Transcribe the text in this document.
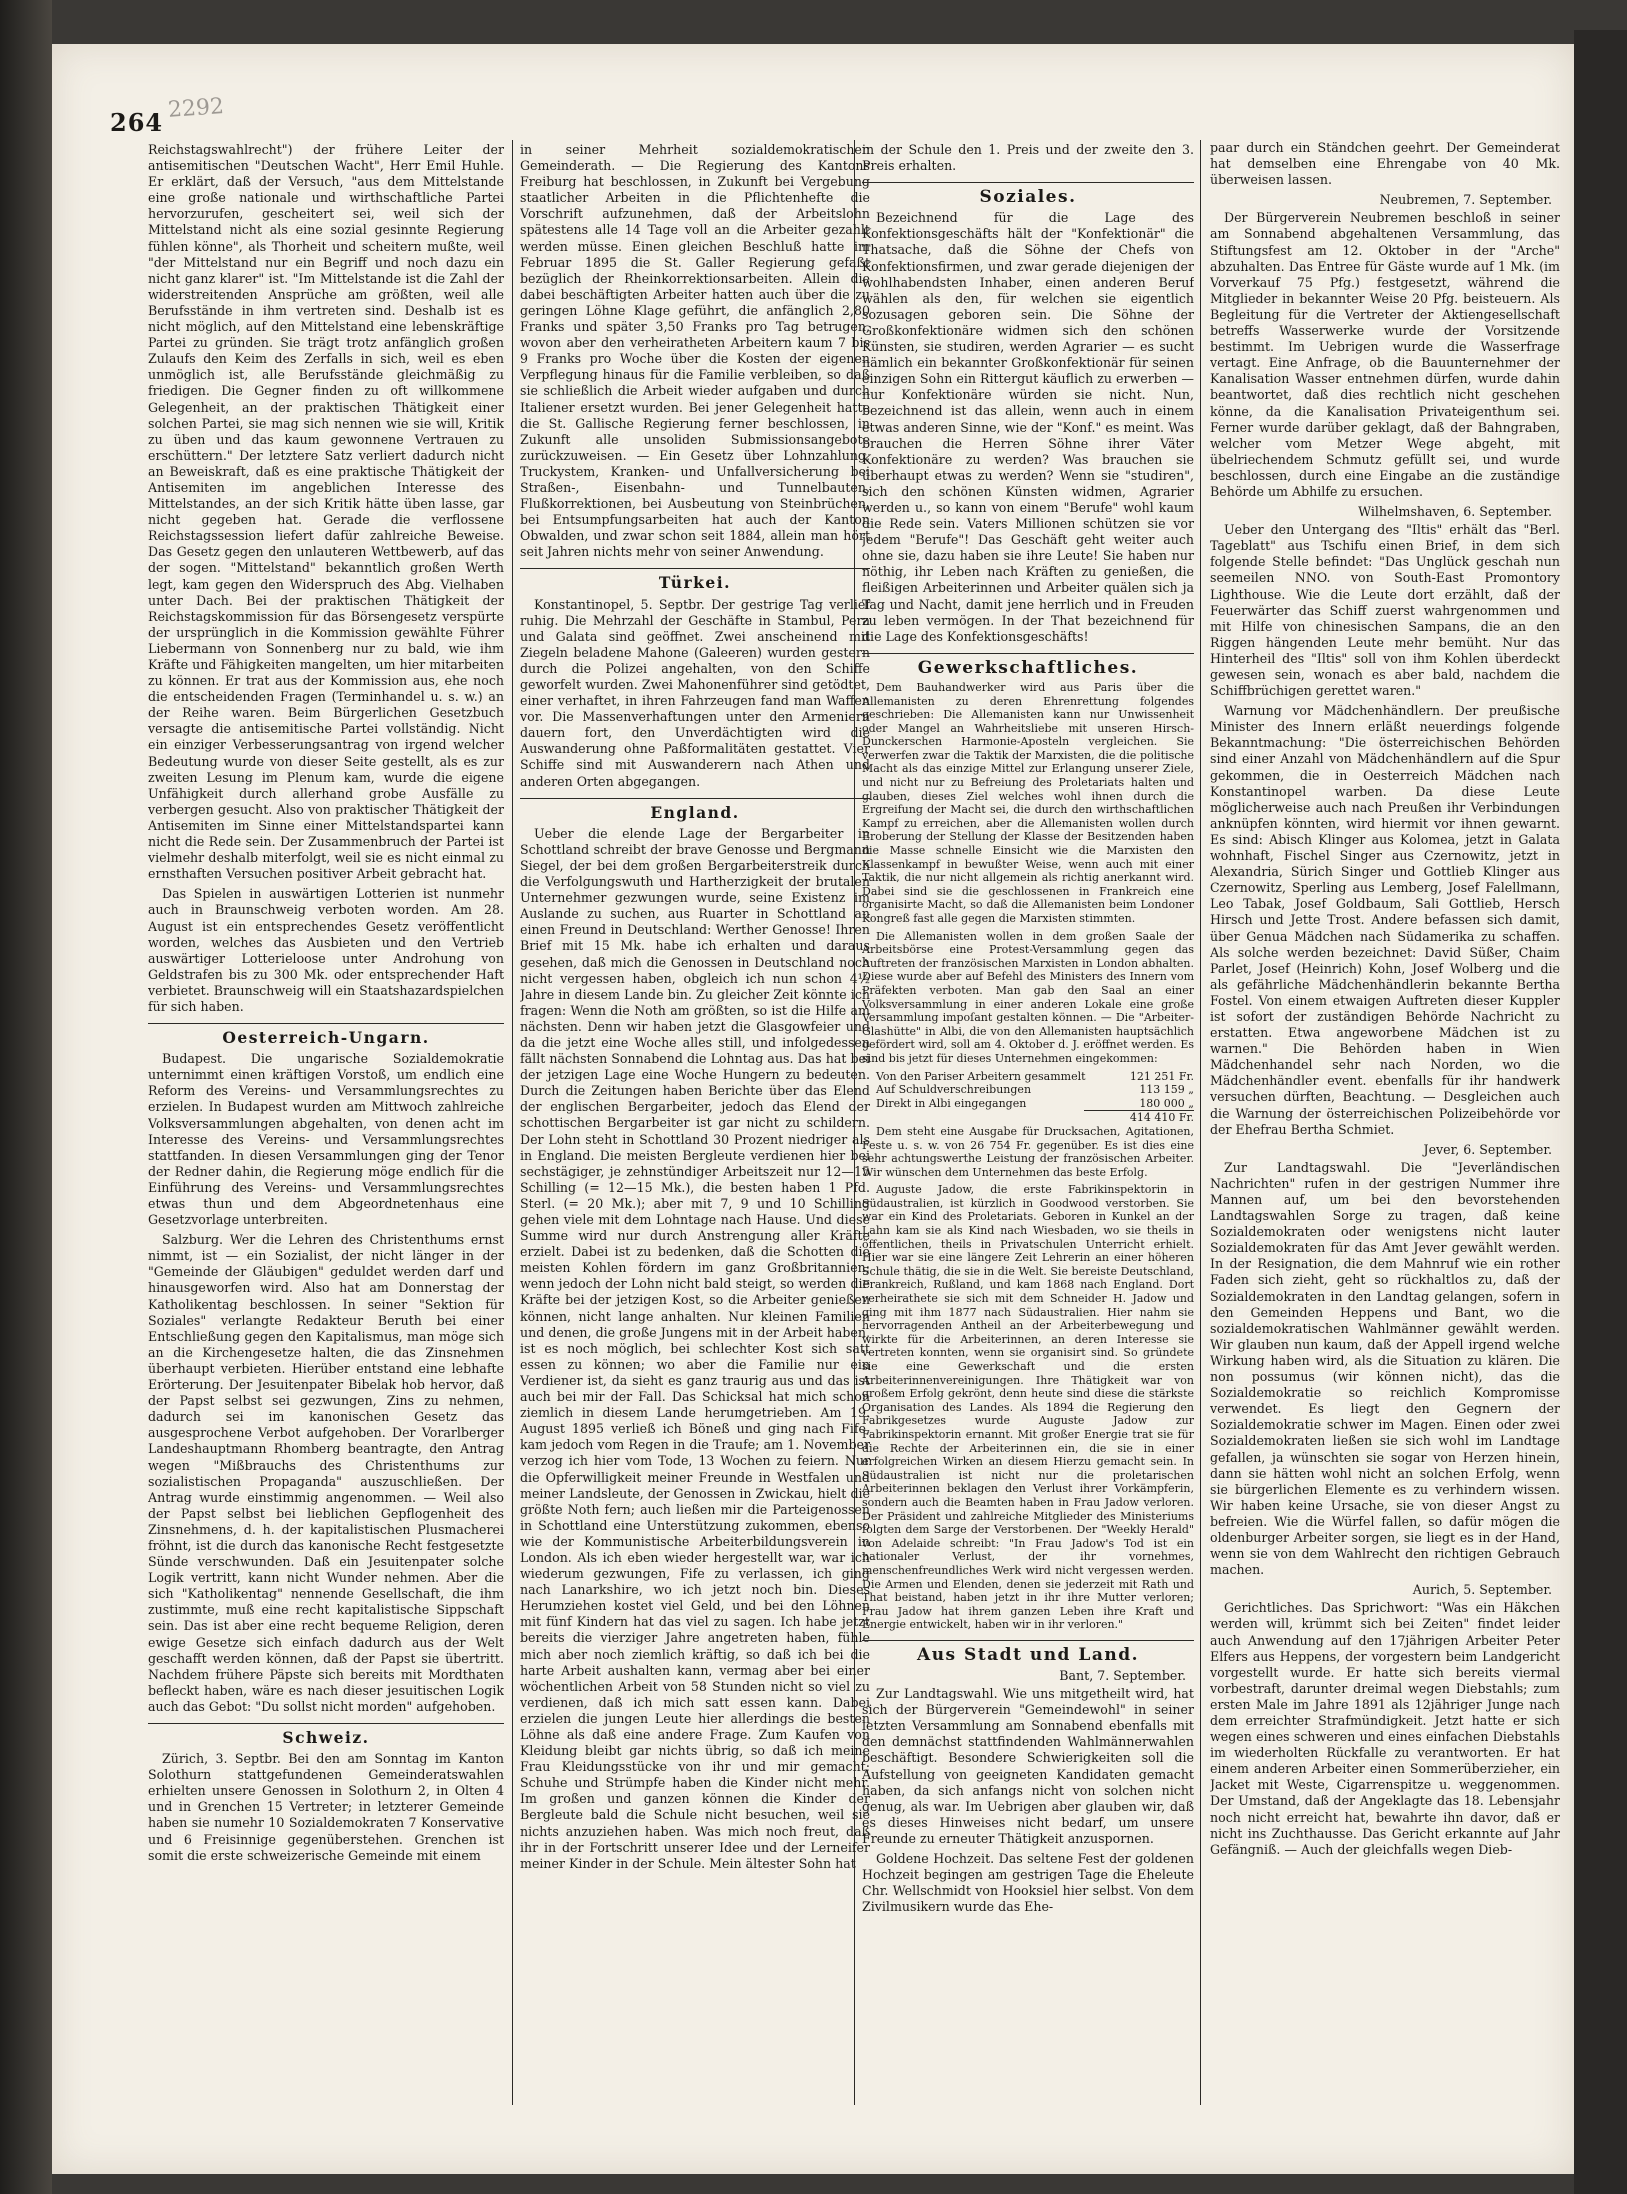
264 2292

Reichstagswahlrecht") der frühere Leiter der antisemitischen "Deutschen Wacht", Herr Emil Huhle. Er erklärt, daß der Versuch, "aus dem Mittelstande eine große nationale und wirthschaftliche Partei hervorzurufen, gescheitert sei, weil sich der Mittelstand nicht als eine sozial gesinnte Regierung fühlen könne", als Thorheit und scheitern mußte, weil "der Mittelstand nur ein Begriff und noch dazu ein nicht ganz klarer" ist. "Im Mittelstande ist die Zahl der widerstreitenden Ansprüche am größten, weil alle Berufsstände in ihm vertreten sind. Deshalb ist es nicht möglich, auf den Mittelstand eine lebenskräftige Partei zu gründen. Sie trägt trotz anfänglich großen Zulaufs den Keim des Zerfalls in sich, weil es eben unmöglich ist, alle Berufsstände gleichmäßig zu friedigen. Die Gegner finden zu oft willkommene Gelegenheit, an der praktischen Thätigkeit einer solchen Partei, sie mag sich nennen wie sie will, Kritik zu üben und das kaum gewonnene Vertrauen zu erschüttern." Der letztere Satz verliert dadurch nicht an Beweiskraft, daß es eine praktische Thätigkeit der Antisemiten im angeblichen Interesse des Mittelstandes, an der sich Kritik hätte üben lasse, gar nicht gegeben hat. Gerade die verflossene Reichstagssession liefert dafür zahlreiche Beweise. Das Gesetz gegen den unlauteren Wettbewerb, auf das der sogen. "Mittelstand" bekanntlich großen Werth legt, kam gegen den Widerspruch des Abg. Vielhaben unter Dach. Bei der praktischen Thätigkeit der Reichstagskommission für das Börsengesetz verspürte der ursprünglich in die Kommission gewählte Führer Liebermann von Sonnenberg nur zu bald, wie ihm Kräfte und Fähigkeiten mangelten, um hier mitarbeiten zu können. Er trat aus der Kommission aus, ehe noch die entscheidenden Fragen (Terminhandel u. s. w.) an der Reihe waren. Beim Bürgerlichen Gesetzbuch versagte die antisemitische Partei vollständig. Nicht ein einziger Verbesserungsantrag von irgend welcher Bedeutung wurde von dieser Seite gestellt, als es zur zweiten Lesung im Plenum kam, wurde die eigene Unfähigkeit durch allerhand grobe Ausfälle zu verbergen gesucht. Also von praktischer Thätigkeit der Antisemiten im Sinne einer Mittelstandspartei kann nicht die Rede sein. Der Zusammenbruch der Partei ist vielmehr deshalb miterfolgt, weil sie es nicht einmal zu ernsthaften Versuchen positiver Arbeit gebracht hat.

Das Spielen in auswärtigen Lotterien ist nunmehr auch in Braunschweig verboten worden. Am 28. August ist ein entsprechendes Gesetz veröffentlicht worden, welches das Ausbieten und den Vertrieb auswärtiger Lotterieloose unter Androhung von Geldstrafen bis zu 300 Mk. oder entsprechender Haft verbietet. Braunschweig will ein Staatshazardspielchen für sich haben.

Oesterreich-Ungarn.

Budapest. Die ungarische Sozialdemokratie unternimmt einen kräftigen Vorstoß, um endlich eine Reform des Vereins- und Versammlungsrechtes zu erzielen. In Budapest wurden am Mittwoch zahlreiche Volksversammlungen abgehalten, von denen acht im Interesse des Vereins- und Versammlungsrechtes stattfanden. In diesen Versammlungen ging der Tenor der Redner dahin, die Regierung möge endlich für die Einführung des Vereins- und Versammlungsrechtes etwas thun und dem Abgeordnetenhaus eine Gesetzvorlage unterbreiten.

Salzburg. Wer die Lehren des Christenthums ernst nimmt, ist — ein Sozialist, der nicht länger in der "Gemeinde der Gläubigen" geduldet werden darf und hinausgeworfen wird. Also hat am Donnerstag der Katholikentag beschlossen. In seiner "Sektion für Soziales" verlangte Redakteur Beruth bei einer Entschließung gegen den Kapitalismus, man möge sich an die Kirchengesetze halten, die das Zinsnehmen überhaupt verbieten. Hierüber entstand eine lebhafte Erörterung. Der Jesuitenpater Bibelak hob hervor, daß der Papst selbst sei gezwungen, Zins zu nehmen, dadurch sei im kanonischen Gesetz das ausgesprochene Verbot aufgehoben. Der Vorarlberger Landeshauptmann Rhomberg beantragte, den Antrag wegen "Mißbrauchs des Christenthums zur sozialistischen Propaganda" auszuschließen. Der Antrag wurde einstimmig angenommen. — Weil also der Papst selbst bei lieblichen Gepflogenheit des Zinsnehmens, d. h. der kapitalistischen Plusmacherei fröhnt, ist die durch das kanonische Recht festgesetzte Sünde verschwunden. Daß ein Jesuitenpater solche Logik vertritt, kann nicht Wunder nehmen. Aber die sich "Katholikentag" nennende Gesellschaft, die ihm zustimmte, muß eine recht kapitalistische Sippschaft sein. Das ist aber eine recht bequeme Religion, deren ewige Gesetze sich einfach dadurch aus der Welt geschafft werden können, daß der Papst sie übertritt. Nachdem frühere Päpste sich bereits mit Mordthaten befleckt haben, wäre es nach dieser jesuitischen Logik auch das Gebot: "Du sollst nicht morden" aufgehoben.

Schweiz.

Zürich, 3. Septbr. Bei den am Sonntag im Kanton Solothurn stattgefundenen Gemeinderatswahlen erhielten unsere Genossen in Solothurn 2, in Olten 4 und in Grenchen 15 Vertreter; in letzterer Gemeinde haben sie numehr 10 Sozialdemokraten 7 Konservative und 6 Freisinnige gegenüberstehen. Grenchen ist somit die erste schweizerische Gemeinde mit einem

in seiner Mehrheit sozialdemokratischen Gemeinderath. — Die Regierung des Kantons Freiburg hat beschlossen, in Zukunft bei Vergebung staatlicher Arbeiten in die Pflichtenhefte die Vorschrift aufzunehmen, daß der Arbeitslohn spätestens alle 14 Tage voll an die Arbeiter gezahlt werden müsse. Einen gleichen Beschluß hatte im Februar 1895 die St. Galler Regierung gefaßt bezüglich der Rheinkorrektionsarbeiten. Allein die dabei beschäftigten Arbeiter hatten auch über die zu geringen Löhne Klage geführt, die anfänglich 2,80 Franks und später 3,50 Franks pro Tag betrugen, wovon aber den verheiratheten Arbeitern kaum 7 bis 9 Franks pro Woche über die Kosten der eigenen Verpflegung hinaus für die Familie verbleiben, so daß sie schließlich die Arbeit wieder aufgaben und durch Italiener ersetzt wurden. Bei jener Gelegenheit hatte die St. Gallische Regierung ferner beschlossen, in Zukunft alle unsoliden Submissionsangebote zurückzuweisen. — Ein Gesetz über Lohnzahlung, Truckystem, Kranken- und Unfallversicherung bei Straßen-, Eisenbahn- und Tunnelbauten, Flußkorrektionen, bei Ausbeutung von Steinbrüchen, bei Entsumpfungsarbeiten hat auch der Kanton Obwalden, und zwar schon seit 1884, allein man hört seit Jahren nichts mehr von seiner Anwendung.

Türkei.

Konstantinopel, 5. Septbr. Der gestrige Tag verlief ruhig. Die Mehrzahl der Geschäfte in Stambul, Pera und Galata sind geöffnet. Zwei anscheinend mit Ziegeln beladene Mahone (Galeeren) wurden gestern durch die Polizei angehalten, von den Schiffe geworfelt wurden. Zwei Mahonenführer sind getödtet, einer verhaftet, in ihren Fahrzeugen fand man Waffen vor. Die Massenverhaftungen unter den Armeniern dauern fort, den Unverdächtigten wird die Auswanderung ohne Paßformalitäten gestattet. Vier Schiffe sind mit Auswanderern nach Athen und anderen Orten abgegangen.

England.

Ueber die elende Lage der Bergarbeiter in Schottland schreibt der brave Genosse und Bergmann Siegel, der bei dem großen Bergarbeiterstreik durch die Verfolgungswuth und Hartherzigkeit der brutalen Unternehmer gezwungen wurde, seine Existenz im Auslande zu suchen, aus Ruarter in Schottland an einen Freund in Deutschland: Werther Genosse! Ihren Brief mit 15 Mk. habe ich erhalten und daraus gesehen, daß mich die Genossen in Deutschland noch nicht vergessen haben, obgleich ich nun schon 4½ Jahre in diesem Lande bin. Zu gleicher Zeit könnte ich fragen: Wenn die Noth am größten, so ist die Hilfe am nächsten. Denn wir haben jetzt die Glasgowfeier und da die jetzt eine Woche alles still, und infolgedessen fällt nächsten Sonnabend die Lohntag aus. Das hat bei der jetzigen Lage eine Woche Hungern zu bedeuten. Durch die Zeitungen haben Berichte über das Elend der englischen Bergarbeiter, jedoch das Elend der schottischen Bergarbeiter ist gar nicht zu schildern. Der Lohn steht in Schottland 30 Prozent niedriger als in England. Die meisten Bergleute verdienen hier bei sechstägiger, je zehnstündiger Arbeitszeit nur 12—15 Schilling (= 12—15 Mk.), die besten haben 1 Pfd. Sterl. (= 20 Mk.); aber mit 7, 9 und 10 Schilling gehen viele mit dem Lohntage nach Hause. Und diese Summe wird nur durch Anstrengung aller Kräfte erzielt. Dabei ist zu bedenken, daß die Schotten die meisten Kohlen fördern im ganz Großbritannien; wenn jedoch der Lohn nicht bald steigt, so werden die Kräfte bei der jetzigen Kost, so die Arbeiter genießen können, nicht lange anhalten. Nur kleinen Familien und denen, die große Jungens mit in der Arbeit haben, ist es noch möglich, bei schlechter Kost sich satt essen zu können; wo aber die Familie nur ein Verdiener ist, da sieht es ganz traurig aus und das ist auch bei mir der Fall. Das Schicksal hat mich schon ziemlich in diesem Lande herumgetrieben. Am 19. August 1895 verließ ich Böneß und ging nach Fife, kam jedoch vom Regen in die Traufe; am 1. November verzog ich hier vom Tode, 13 Wochen zu feiern. Nur die Opferwilligkeit meiner Freunde in Westfalen und meiner Landsleute, der Genossen in Zwickau, hielt die größte Noth fern; auch ließen mir die Parteigenossen in Schottland eine Unterstützung zukommen, ebenso wie der Kommunistische Arbeiterbildungsverein in London. Als ich eben wieder hergestellt war, war ich wiederum gezwungen, Fife zu verlassen, ich ging nach Lanarkshire, wo ich jetzt noch bin. Dieses Herumziehen kostet viel Geld, und bei den Löhnen mit fünf Kindern hat das viel zu sagen. Ich habe jetzt bereits die vierziger Jahre angetreten haben, fühle mich aber noch ziemlich kräftig, so daß ich bei die harte Arbeit aushalten kann, vermag aber bei einer wöchentlichen Arbeit von 58 Stunden nicht so viel zu verdienen, daß ich mich satt essen kann. Dabei erzielen die jungen Leute hier allerdings die besten Löhne als daß eine andere Frage. Zum Kaufen von Kleidung bleibt gar nichts übrig, so daß ich meine Frau Kleidungsstücke von ihr und mir gemacht; Schuhe und Strümpfe haben die Kinder nicht mehr. Im großen und ganzen können die Kinder der Bergleute bald die Schule nicht besuchen, weil sie nichts anzuziehen haben. Was mich noch freut, daß ihr in der Fortschritt unserer Idee und der Lerneifer meiner Kinder in der Schule. Mein ältester Sohn hat

in der Schule den 1. Preis und der zweite den 3. Preis erhalten.

Soziales.

Bezeichnend für die Lage des Konfektionsgeschäfts hält der "Konfektionär" die Thatsache, daß die Söhne der Chefs von Konfektionsfirmen, und zwar gerade diejenigen der wohlhabendsten Inhaber, einen anderen Beruf wählen als den, für welchen sie eigentlich sozusagen geboren sein. Die Söhne der Großkonfektionäre widmen sich den schönen Künsten, sie studiren, werden Agrarier — es sucht nämlich ein bekannter Großkonfektionär für seinen einzigen Sohn ein Rittergut käuflich zu erwerben — nur Konfektionäre würden sie nicht. Nun, bezeichnend ist das allein, wenn auch in einem etwas anderen Sinne, wie der "Konf." es meint. Was brauchen die Herren Söhne ihrer Väter Konfektionäre zu werden? Was brauchen sie überhaupt etwas zu werden? Wenn sie "studiren", sich den schönen Künsten widmen, Agrarier werden u., so kann von einem "Berufe" wohl kaum die Rede sein. Vaters Millionen schützen sie vor jedem "Berufe"! Das Geschäft geht weiter auch ohne sie, dazu haben sie ihre Leute! Sie haben nur nöthig, ihr Leben nach Kräften zu genießen, die fleißigen Arbeiterinnen und Arbeiter quälen sich ja Tag und Nacht, damit jene herrlich und in Freuden zu leben vermögen. In der That bezeichnend für die Lage des Konfektionsgeschäfts!

Gewerkschaftliches.

Dem Bauhandwerker wird aus Paris über die Allemanisten zu deren Ehrenrettung folgendes geschrieben: Die Allemanisten kann nur Unwissenheit oder Mangel an Wahrheitsliebe mit unseren Hirsch-Dunckerschen Harmonie-Aposteln vergleichen. Sie verwerfen zwar die Taktik der Marxisten, die die politische Macht als das einzige Mittel zur Erlangung unserer Ziele, und nicht nur zu Befreiung des Proletariats halten und glauben, dieses Ziel welches wohl ihnen durch die Ergreifung der Macht sei, die durch den wirthschaftlichen Kampf zu erreichen, aber die Allemanisten wollen durch Eroberung der Stellung der Klasse der Besitzenden haben die Masse schnelle Einsicht wie die Marxisten den Klassenkampf in bewußter Weise, wenn auch mit einer Taktik, die nur nicht allgemein als richtig anerkannt wird. Dabei sind sie die geschlossenen in Frankreich eine organisirte Macht, so daß die Allemanisten beim Londoner Kongreß fast alle gegen die Marxisten stimmten.

Die Allemanisten wollen in dem großen Saale der Arbeitsbörse eine Protest-Versammlung gegen das Auftreten der französischen Marxisten in London abhalten. Diese wurde aber auf Befehl des Ministers des Innern vom Präfekten verboten. Man gab den Saal an einer Volksversammlung in einer anderen Lokale eine große Versammlung impoſant gestalten können. — Die "Arbeiter-Glashütte" in Albi, die von den Allemanisten hauptsächlich gefördert wird, soll am 4. Oktober d. J. eröffnet werden. Es sind bis jetzt für dieses Unternehmen eingekommen:

Von den Pariser Arbeitern gesammelt	121 251 Fr.
Auf Schuldverschreibungen	113 159 „
Direkt in Albi eingegangen	180 000 „
414 410 Fr.

Dem steht eine Ausgabe für Drucksachen, Agitationen, Feste u. s. w. von 26 754 Fr. gegenüber. Es ist dies eine sehr achtungswerthe Leistung der französischen Arbeiter. Wir wünschen dem Unternehmen das beste Erfolg.

Auguste Jadow, die erste Fabrikinspektorin in Südaustralien, ist kürzlich in Goodwood verstorben. Sie war ein Kind des Proletariats. Geboren in Kunkel an der Lahn kam sie als Kind nach Wiesbaden, wo sie theils in öffentlichen, theils in Privatschulen Unterricht erhielt. Hier war sie eine längere Zeit Lehrerin an einer höheren Schule thätig, die sie in die Welt. Sie bereiste Deutschland, Frankreich, Rußland, und kam 1868 nach England. Dort verheirathete sie sich mit dem Schneider H. Jadow und ging mit ihm 1877 nach Südaustralien. Hier nahm sie hervorragenden Antheil an der Arbeiterbewegung und wirkte für die Arbeiterinnen, an deren Interesse sie vertreten konnten, wenn sie organisirt sind. So gründete sie eine Gewerkschaft und die ersten Arbeiterinnenvereinigungen. Ihre Thätigkeit war von großem Erfolg gekrönt, denn heute sind diese die stärkste Organisation des Landes. Als 1894 die Regierung den Fabrikgesetzes wurde Auguste Jadow zur Fabrikinspektorin ernannt. Mit großer Energie trat sie für die Rechte der Arbeiterinnen ein, die sie in einer erfolgreichen Wirken an diesem Hierzu gemacht sein. In Südaustralien ist nicht nur die proletarischen Arbeiterinnen beklagen den Verlust ihrer Vorkämpferin, sondern auch die Beamten haben in Frau Jadow verloren. Der Präsident und zahlreiche Mitglieder des Ministeriums folgten dem Sarge der Verstorbenen. Der "Weekly Herald" von Adelaide schreibt: "In Frau Jadow's Tod ist ein nationaler Verlust, der ihr vornehmes, menschenfreundliches Werk wird nicht vergessen werden. Die Armen und Elenden, denen sie jederzeit mit Rath und That beistand, haben jetzt in ihr ihre Mutter verloren; Frau Jadow hat ihrem ganzen Leben ihre Kraft und Energie entwickelt, haben wir in ihr verloren."

Aus Stadt und Land.
Bant, 7. September.

Zur Landtagswahl. Wie uns mitgetheilt wird, hat sich der Bürgerverein "Gemeindewohl" in seiner letzten Versammlung am Sonnabend ebenfalls mit den demnächst stattfindenden Wahlmännerwahlen beschäftigt. Besondere Schwierigkeiten soll die Aufstellung von geeigneten Kandidaten gemacht haben, da sich anfangs nicht von solchen nicht genug, als war. Im Uebrigen aber glauben wir, daß es dieses Hinweises nicht bedarf, um unsere Freunde zu erneuter Thätigkeit anzuspornen.

Goldene Hochzeit. Das seltene Fest der goldenen Hochzeit begingen am gestrigen Tage die Eheleute Chr. Wellschmidt von Hooksiel hier selbst. Von dem Zivilmusikern wurde das Ehe-

paar durch ein Ständchen geehrt. Der Gemeinderat hat demselben eine Ehrengabe von 40 Mk. überweisen lassen.

Neubremen, 7. September.

Der Bürgerverein Neubremen beschloß in seiner am Sonnabend abgehaltenen Versammlung, das Stiftungsfest am 12. Oktober in der "Arche" abzuhalten. Das Entree für Gäste wurde auf 1 Mk. (im Vorverkauf 75 Pfg.) festgesetzt, während die Mitglieder in bekannter Weise 20 Pfg. beisteuern. Als Begleitung für die Vertreter der Aktiengesellschaft betreffs Wasserwerke wurde der Vorsitzende bestimmt. Im Uebrigen wurde die Wasserfrage vertagt. Eine Anfrage, ob die Bauunternehmer der Kanalisation Wasser entnehmen dürfen, wurde dahin beantwortet, daß dies rechtlich nicht geschehen könne, da die Kanalisation Privateigenthum sei. Ferner wurde darüber geklagt, daß der Bahngraben, welcher vom Metzer Wege abgeht, mit übelriechendem Schmutz gefüllt sei, und wurde beschlossen, durch eine Eingabe an die zuständige Behörde um Abhilfe zu ersuchen.

Wilhelmshaven, 6. September.

Ueber den Untergang des "Iltis" erhält das "Berl. Tageblatt" aus Tschifu einen Brief, in dem sich folgende Stelle befindet: "Das Unglück geschah nun seemeilen NNO. von South-East Promontory Lighthouse. Wie die Leute dort erzählt, daß der Feuerwärter das Schiff zuerst wahrgenommen und mit Hilfe von chinesischen Sampans, die an den Riggen hängenden Leute mehr bemüht. Nur das Hinterheil des "Iltis" soll von ihm Kohlen überdeckt gewesen sein, wonach es aber bald, nachdem die Schiffbrüchigen gerettet waren."

Warnung vor Mädchenhändlern. Der preußische Minister des Innern erläßt neuerdings folgende Bekanntmachung: "Die österreichischen Behörden sind einer Anzahl von Mädchenhändlern auf die Spur gekommen, die in Oesterreich Mädchen nach Konstantinopel warben. Da diese Leute möglicherweise auch nach Preußen ihr Verbindungen anknüpfen könnten, wird hiermit vor ihnen gewarnt. Es sind: Abisch Klinger aus Kolomea, jetzt in Galata wohnhaft, Fischel Singer aus Czernowitz, jetzt in Alexandria, Sürich Singer und Gottlieb Klinger aus Czernowitz, Sperling aus Lemberg, Josef Falellmann, Leo Tabak, Josef Goldbaum, Sali Gottlieb, Hersch Hirsch und Jette Trost. Andere befassen sich damit, über Genua Mädchen nach Südamerika zu schaffen. Als solche werden bezeichnet: David Süßer, Chaim Parlet, Josef (Heinrich) Kohn, Josef Wolberg und die als gefährliche Mädchenhändlerin bekannte Bertha Fostel. Von einem etwaigen Auftreten dieser Kuppler ist sofort der zuständigen Behörde Nachricht zu erstatten. Etwa angeworbene Mädchen ist zu warnen." Die Behörden haben in Wien Mädchenhandel sehr nach Norden, wo die Mädchenhändler event. ebenfalls für ihr handwerk versuchen dürften, Beachtung. — Desgleichen auch die Warnung der österreichischen Polizeibehörde vor der Ehefrau Bertha Schmiet.

Jever, 6. September.

Zur Landtagswahl. Die "Jeverländischen Nachrichten" rufen in der gestrigen Nummer ihre Mannen auf, um bei den bevorstehenden Landtagswahlen Sorge zu tragen, daß keine Sozialdemokraten oder wenigstens nicht lauter Sozialdemokraten für das Amt Jever gewählt werden. In der Resignation, die dem Mahnruf wie ein rother Faden sich zieht, geht so rückhaltlos zu, daß der Sozialdemokraten in den Landtag gelangen, sofern in den Gemeinden Heppens und Bant, wo die sozialdemokratischen Wahlmänner gewählt werden. Wir glauben nun kaum, daß der Appell irgend welche Wirkung haben wird, als die Situation zu klären. Die non possumus (wir können nicht), das die Sozialdemokratie so reichlich Kompromisse verwendet. Es liegt den Gegnern der Sozialdemokratie schwer im Magen. Einen oder zwei Sozialdemokraten ließen sie sich wohl im Landtage gefallen, ja wünschten sie sogar von Herzen hinein, dann sie hätten wohl nicht an solchen Erfolg, wenn sie bürgerlichen Elemente es zu verhindern wissen. Wir haben keine Ursache, sie von dieser Angst zu befreien. Wie die Würfel fallen, so dafür mögen die oldenburger Arbeiter sorgen, sie liegt es in der Hand, wenn sie von dem Wahlrecht den richtigen Gebrauch machen.

Aurich, 5. September.

Gerichtliches. Das Sprichwort: "Was ein Häkchen werden will, krümmt sich bei Zeiten" findet leider auch Anwendung auf den 17jährigen Arbeiter Peter Elfers aus Heppens, der vorgestern beim Landgericht vorgestellt wurde. Er hatte sich bereits viermal vorbestraft, darunter dreimal wegen Diebstahls; zum ersten Male im Jahre 1891 als 12jähriger Junge nach dem erreichter Strafmündigkeit. Jetzt hatte er sich wegen eines schweren und eines einfachen Diebstahls im wiederholten Rückfalle zu verantworten. Er hat einem anderen Arbeiter einen Sommerüberzieher, ein Jacket mit Weste, Cigarrenspitze u. weggenommen. Der Umstand, daß der Angeklagte das 18. Lebensjahr noch nicht erreicht hat, bewahrte ihn davor, daß er nicht ins Zuchthausse. Das Gericht erkannte auf Jahr Gefängniß. — Auch der gleichfalls wegen Dieb-
